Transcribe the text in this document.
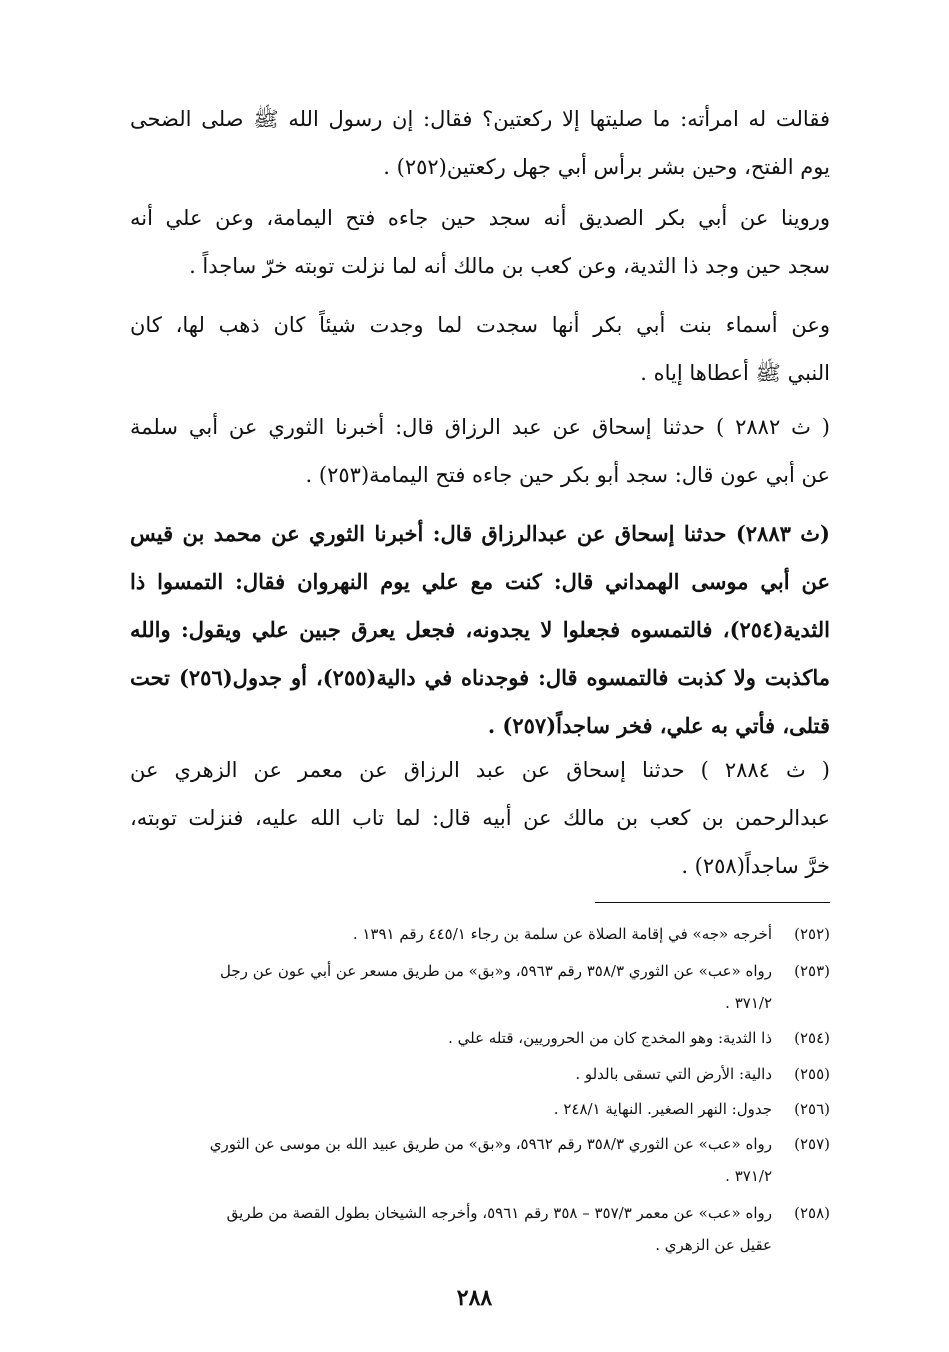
فقالت له امرأته: ما صليتها إلا ركعتين؟ فقال: إن رسول الله ﷺ صلى الضحى
يوم الفتح، وحين بشر برأس أبي جهل ركعتين(٢٥٢) .
وروينا عن أبي بكر الصديق أنه سجد حين جاءه فتح اليمامة، وعن علي أنه
سجد حين وجد ذا الثدية، وعن كعب بن مالك أنه لما نزلت توبته خرّ ساجداً .
وعن أسماء بنت أبي بكر أنها سجدت لما وجدت شيئاً كان ذهب لها، كان
النبي ﷺ أعطاها إياه .
( ث ٢٨٨٢ ) حدثنا إسحاق عن عبد الرزاق قال: أخبرنا الثوري عن أبي سلمة
عن أبي عون قال: سجد أبو بكر حين جاءه فتح اليمامة(٢٥٣) .
(ث ٢٨٨٣) حدثنا إسحاق عن عبدالرزاق قال: أخبرنا الثوري عن محمد بن قيس
عن أبي موسى الهمداني قال: كنت مع علي يوم النهروان فقال: التمسوا ذا
الثدية(٢٥٤)، فالتمسوه فجعلوا لا يجدونه، فجعل يعرق جبين علي ويقول: والله
ماكذبت ولا كذبت فالتمسوه قال: فوجدناه في دالية(٢٥٥)، أو جدول(٢٥٦) تحت
قتلى، فأتي به علي، فخر ساجداً(٢٥٧) .
( ث ٢٨٨٤ ) حدثنا إسحاق عن عبد الرزاق عن معمر عن الزهري عن
عبدالرحمن بن كعب بن مالك عن أبيه قال: لما تاب الله عليه، فنزلت توبته،
خرَّ ساجداً(٢٥٨) .
(٢٥٢)
أخرجه «جه» في إقامة الصلاة عن سلمة بن رجاء ٤٤٥/١ رقم ١٣٩١ .
(٢٥٣)
رواه «عب» عن الثوري ٣٥٨/٣ رقم ٥٩٦٣، و«بق» من طريق مسعر عن أبي عون عن رجل
٣٧١/٢ .
(٢٥٤)
ذا الثدية: وهو المخدج كان من الحروريين، قتله علي .
(٢٥٥)
دالية: الأرض التي تسقى بالدلو .
(٢٥٦)
جدول: النهر الصغير. النهاية ٢٤٨/١ .
(٢٥٧)
رواه «عب» عن الثوري ٣٥٨/٣ رقم ٥٩٦٢، و«بق» من طريق عبيد الله بن موسى عن الثوري
٣٧١/٢ .
(٢٥٨)
رواه «عب» عن معمر ٣٥٧/٣ – ٣٥٨ رقم ٥٩٦١، وأخرجه الشيخان بطول القصة من طريق
عقيل عن الزهري .
٢٨٨
